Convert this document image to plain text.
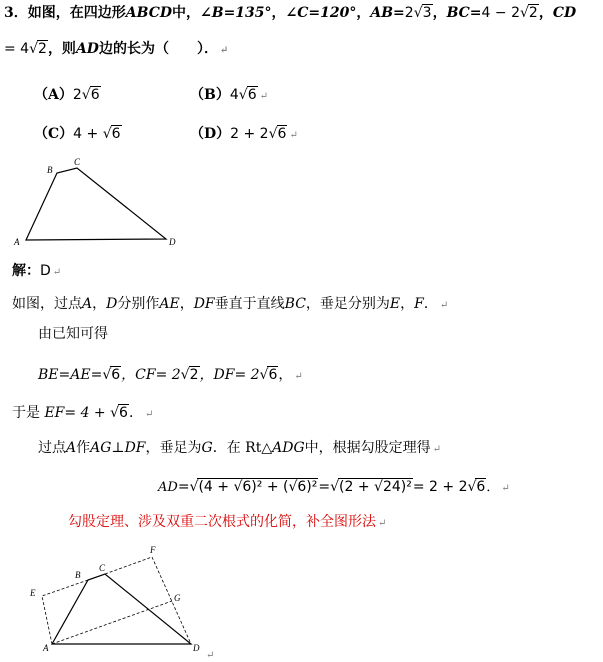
3．如图，在四边形ABCD中，∠B=135°，∠C=120°，AB=2√3，BC=4 − 2√2，CD
= 4√2，则AD边的长为（　　）． ↵
（A）2√6	（B）4√6 ↵
（C）4 + √6	（D）2 + 2√6 ↵
A
B
C
D
解：D ↵
如图，过点A，D分别作AE，DF垂直于直线BC，垂足分别为E，F． ↵
由已知可得
BE=AE=√6，CF= 2√2，DF= 2√6， ↵
于是 EF= 4 + √6． ↵
过点A作AG⊥DF，垂足为G．在 Rt△ADG中，根据勾股定理得 ↵
AD=√(4 + √6)² + (√6)²=√(2 + √24)²= 2 + 2√6． ↵
勾股定理、涉及双重二次根式的化简，补全图形法 ↵
A
B
C
D
E
F
G
↵
